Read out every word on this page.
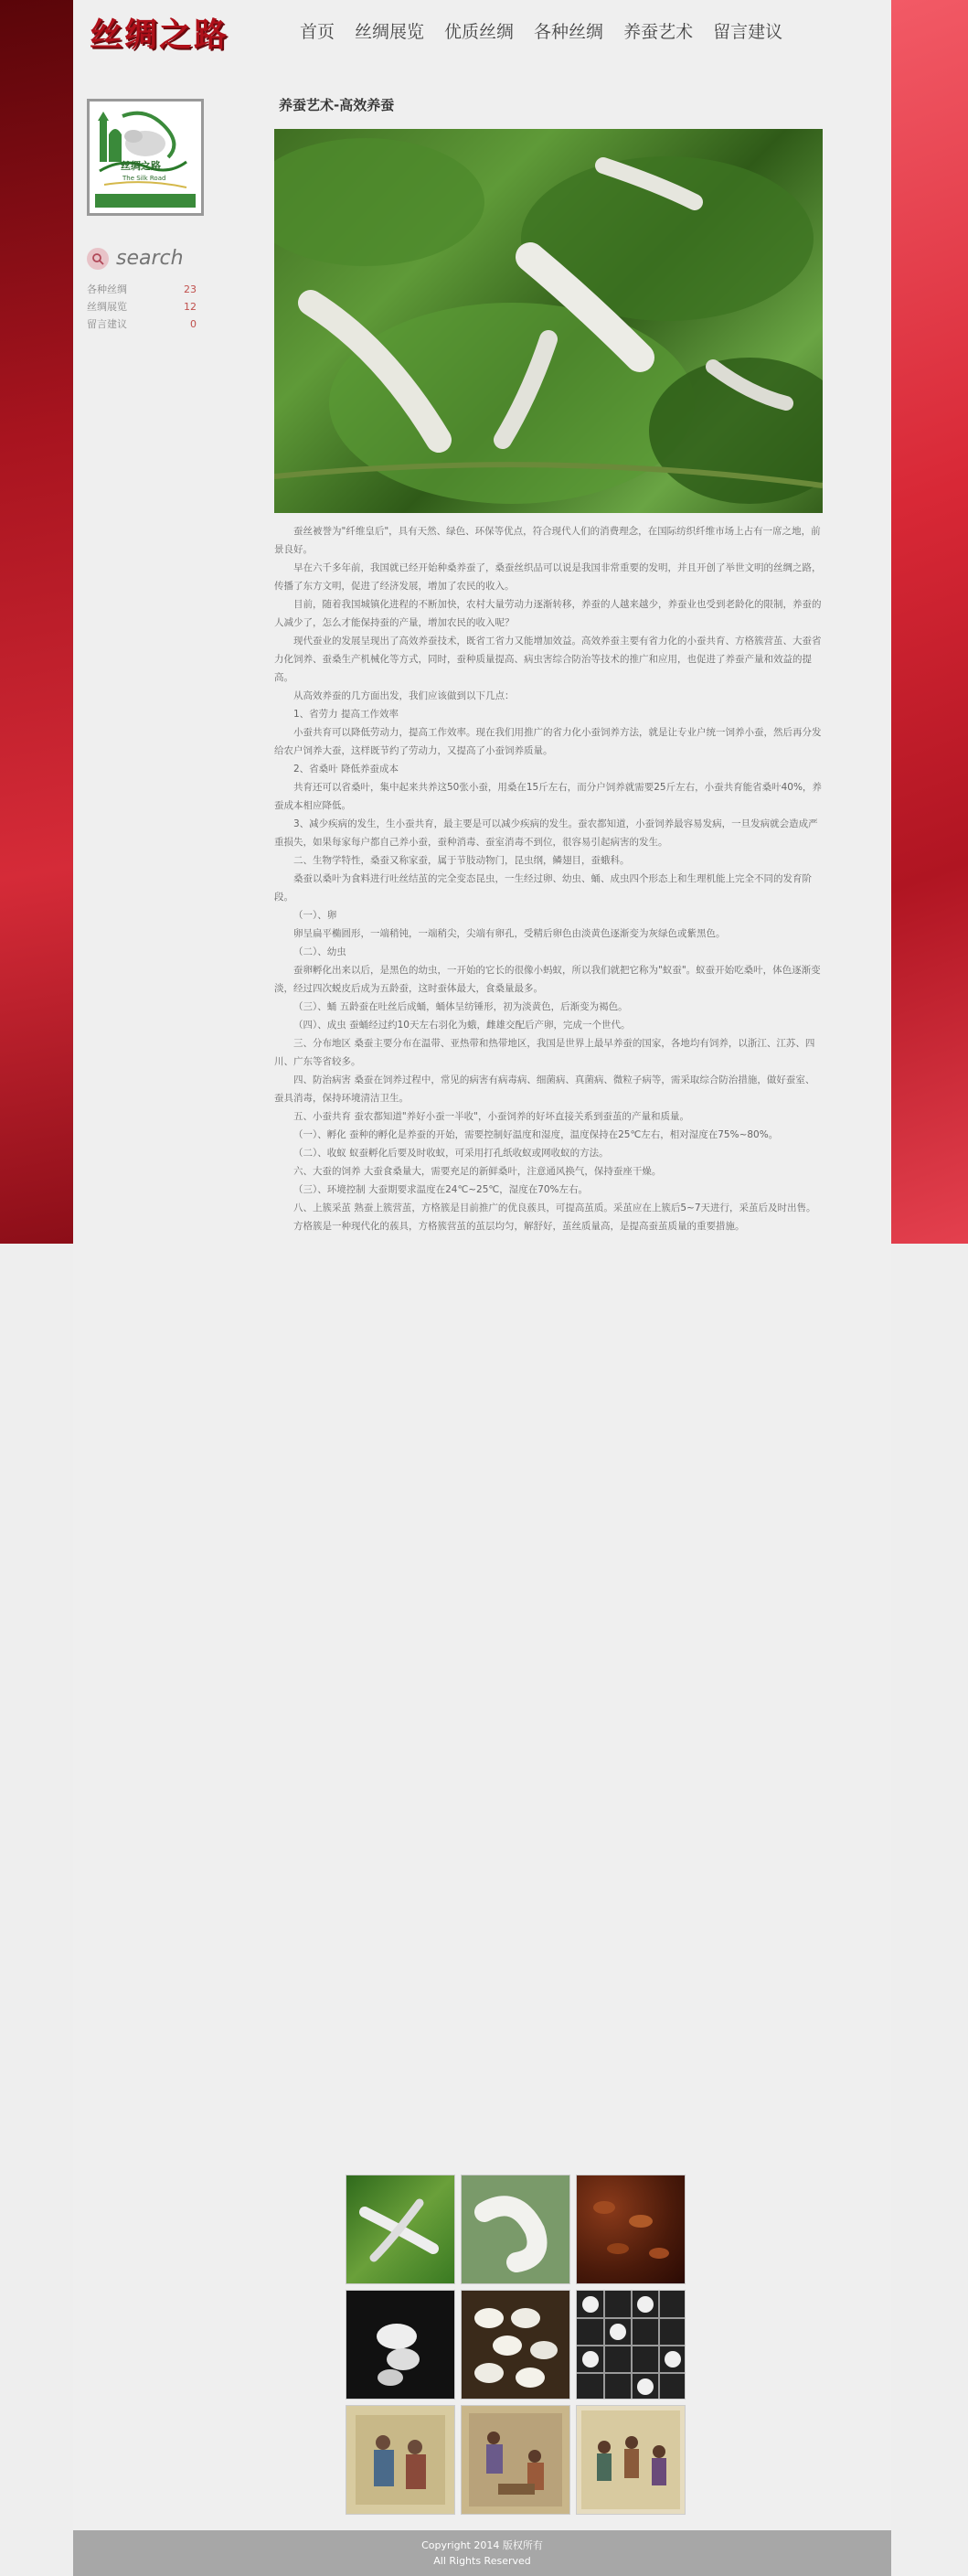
丝绸之路	首页 丝绸展览 优质丝绸 各种丝绸 养蚕艺术 留言建议
丝绸之路
The Silk Road
search
各种丝绸	23
丝绸展览	12
留言建议	0
养蚕艺术-高效养蚕

蚕丝被誉为"纤维皇后"，具有天然、绿色、环保等优点，符合现代人们的消费理念，在国际纺织纤维市场上占有一席之地，前景良好。

早在六千多年前，我国就已经开始种桑养蚕了，桑蚕丝织品可以说是我国非常重要的发明，并且开创了举世文明的丝绸之路，传播了东方文明，促进了经济发展，增加了农民的收入。

目前，随着我国城镇化进程的不断加快，农村大量劳动力逐渐转移，养蚕的人越来越少，养蚕业也受到老龄化的限制，养蚕的人减少了，怎么才能保持蚕的产量，增加农民的收入呢？

现代蚕业的发展呈现出了高效养蚕技术，既省工省力又能增加效益。高效养蚕主要有省力化的小蚕共育、方格簇营茧、大蚕省力化饲养、蚕桑生产机械化等方式，同时，蚕种质量提高、病虫害综合防治等技术的推广和应用，也促进了养蚕产量和效益的提高。

从高效养蚕的几方面出发，我们应该做到以下几点：

1、省劳力 提高工作效率

小蚕共育可以降低劳动力，提高工作效率。现在我们用推广的省力化小蚕饲养方法，就是让专业户统一饲养小蚕，然后再分发给农户饲养大蚕，这样既节约了劳动力，又提高了小蚕饲养质量。

2、省桑叶 降低养蚕成本

共育还可以省桑叶，集中起来共养这50张小蚕，用桑在15斤左右，而分户饲养就需要25斤左右，小蚕共育能省桑叶40%，养蚕成本相应降低。

3、减少疾病的发生，生小蚕共育，最主要是可以减少疾病的发生。蚕农都知道，小蚕饲养最容易发病，一旦发病就会造成严重损失，如果每家每户都自己养小蚕，蚕种消毒、蚕室消毒不到位，很容易引起病害的发生。

二、生物学特性，桑蚕又称家蚕，属于节肢动物门，昆虫纲，鳞翅目，蚕蛾科。

桑蚕以桑叶为食料进行吐丝结茧的完全变态昆虫，一生经过卵、幼虫、蛹、成虫四个形态上和生理机能上完全不同的发育阶段。

（一）、卵

卵呈扁平椭圆形，一端稍钝，一端稍尖，尖端有卵孔，受精后卵色由淡黄色逐渐变为灰绿色或紫黑色。

（二）、幼虫

蚕卵孵化出来以后，是黑色的幼虫，一开始的它长的很像小蚂蚁，所以我们就把它称为"蚁蚕"。蚁蚕开始吃桑叶，体色逐渐变淡，经过四次蜕皮后成为五龄蚕，这时蚕体最大，食桑量最多。

（三）、蛹 五龄蚕在吐丝后成蛹，蛹体呈纺锤形，初为淡黄色，后渐变为褐色。

（四）、成虫 蚕蛹经过约10天左右羽化为蛾，雌雄交配后产卵，完成一个世代。

三、分布地区 桑蚕主要分布在温带、亚热带和热带地区，我国是世界上最早养蚕的国家，各地均有饲养，以浙江、江苏、四川、广东等省较多。

四、防治病害 桑蚕在饲养过程中，常见的病害有病毒病、细菌病、真菌病、微粒子病等，需采取综合防治措施，做好蚕室、蚕具消毒，保持环境清洁卫生。

五、小蚕共育 蚕农都知道"养好小蚕一半收"，小蚕饲养的好坏直接关系到蚕茧的产量和质量。

（一）、孵化 蚕种的孵化是养蚕的开始，需要控制好温度和湿度，温度保持在25℃左右，相对湿度在75%~80%。

（二）、收蚁 蚁蚕孵化后要及时收蚁，可采用打孔纸收蚁或网收蚁的方法。

六、大蚕的饲养 大蚕食桑量大，需要充足的新鲜桑叶，注意通风换气，保持蚕座干燥。

（三）、环境控制 大蚕期要求温度在24℃~25℃，湿度在70%左右。

八、上簇采茧 熟蚕上簇营茧，方格簇是目前推广的优良蔟具，可提高茧质。采茧应在上簇后5~7天进行，采茧后及时出售。

方格簇是一种现代化的蔟具，方格簇营茧的茧层均匀，解舒好，茧丝质量高，是提高蚕茧质量的重要措施。

Copyright 2014 版权所有
All Rights Reserved
